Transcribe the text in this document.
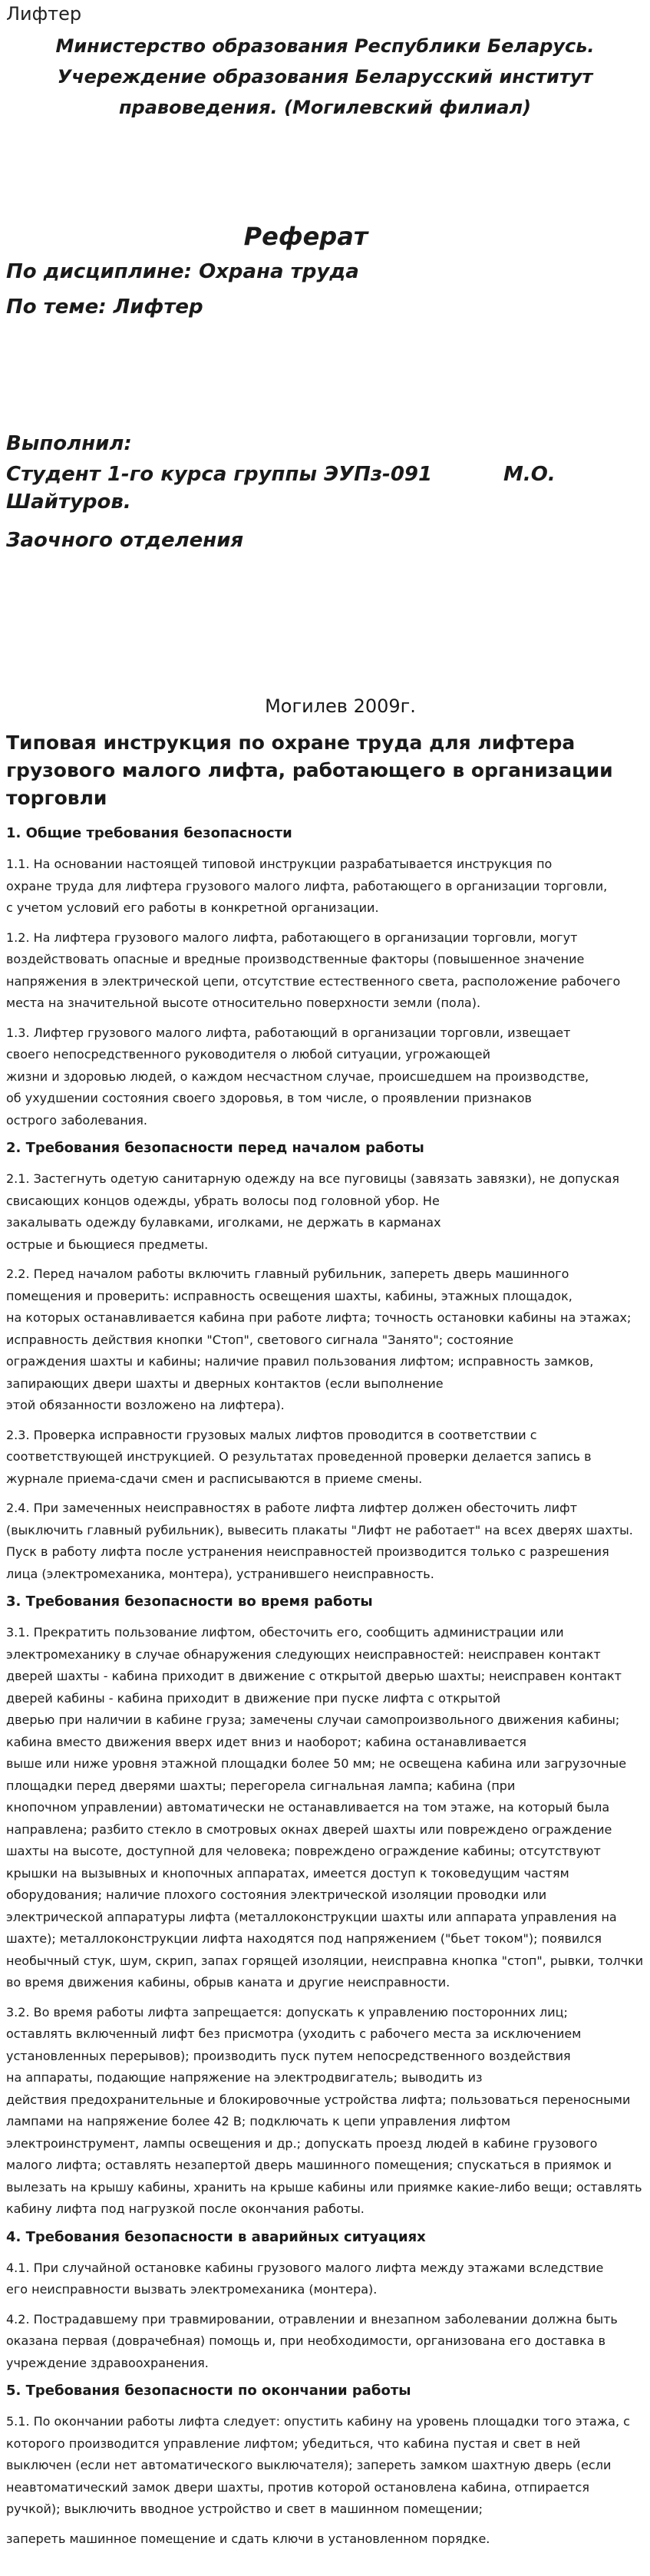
Лифтер
Министерство образования Республики Беларусь.
Учереждение образования Беларусский институт
правоведения. (Могилевский филиал)
Реферат
По дисциплине: Охрана труда
По теме: Лифтер
Выполнил:
Студент 1-го курса группы ЭУПз-091	М.О.
Шайтуров.
Заочного отделения
Могилев 2009г.
Типовая инструкция по охране труда для лифтера грузового малого лифта, работающего в организации торговли
1. Общие требования безопасности

1.1. На основании настоящей типовой инструкции разрабатывается инструкция по
охране труда для лифтера грузового малого лифта, работающего в организации торговли,
с учетом условий его работы в конкретной организации.

1.2. На лифтера грузового малого лифта, работающего в организации торговли, могут
воздействовать опасные и вредные производственные факторы (повышенное значение
напряжения в электрической цепи, отсутствие естественного света, расположение рабочего
места на значительной высоте относительно поверхности земли (пола).

1.3. Лифтер грузового малого лифта, работающий в организации торговли, извещает
своего непосредственного руководителя о любой ситуации, угрожающей
жизни и здоровью людей, о каждом несчастном случае, происшедшем на производстве,
об ухудшении состояния своего здоровья, в том числе, о проявлении признаков
острого заболевания.

2. Требования безопасности перед началом работы

2.1. Застегнуть одетую санитарную одежду на все пуговицы (завязать завязки), не допуская
свисающих концов одежды, убрать волосы под головной убор. Не
закалывать одежду булавками, иголками, не держать в карманах
острые и бьющиеся предметы.

2.2. Перед началом работы включить главный рубильник, запереть дверь машинного
помещения и проверить: исправность освещения шахты, кабины, этажных площадок,
на которых останавливается кабина при работе лифта; точность остановки кабины на этажах;
исправность действия кнопки "Стоп", светового сигнала "Занято"; состояние
ограждения шахты и кабины; наличие правил пользования лифтом; исправность замков,
запирающих двери шахты и дверных контактов (если выполнение
этой обязанности возложено на лифтера).

2.3. Проверка исправности грузовых малых лифтов проводится в соответствии с
соответствующей инструкцией. О результатах проведенной проверки делается запись в
журнале приема-сдачи смен и расписываются в приеме смены.

2.4. При замеченных неисправностях в работе лифта лифтер должен обесточить лифт
(выключить главный рубильник), вывесить плакаты "Лифт не работает" на всех дверях шахты.
Пуск в работу лифта после устранения неисправностей производится только с разрешения
лица (электромеханика, монтера), устранившего неисправность.

3. Требования безопасности во время работы

3.1. Прекратить пользование лифтом, обесточить его, сообщить администрации или
электромеханику в случае обнаружения следующих неисправностей: неисправен контакт
дверей шахты - кабина приходит в движение с открытой дверью шахты; неисправен контакт
дверей кабины - кабина приходит в движение при пуске лифта с открытой
дверью при наличии в кабине груза; замечены случаи самопроизвольного движения кабины;
кабина вместо движения вверх идет вниз и наоборот; кабина останавливается
выше или ниже уровня этажной площадки более 50 мм; не освещена кабина или загрузочные
площадки перед дверями шахты; перегорела сигнальная лампа; кабина (при
кнопочном управлении) автоматически не останавливается на том этаже, на который была
направлена; разбито стекло в смотровых окнах дверей шахты или повреждено ограждение
шахты на высоте, доступной для человека; повреждено ограждение кабины; отсутствуют
крышки на вызывных и кнопочных аппаратах, имеется доступ к токоведущим частям
оборудования; наличие плохого состояния электрической изоляции проводки или
электрической аппаратуры лифта (металлоконструкции шахты или аппарата управления на
шахте); металлоконструкции лифта находятся под напряжением ("бьет током"); появился
необычный стук, шум, скрип, запах горящей изоляции, неисправна кнопка "стоп", рывки, толчки
во время движения кабины, обрыв каната и другие неисправности.

3.2. Во время работы лифта запрещается: допускать к управлению посторонних лиц;
оставлять включенный лифт без присмотра (уходить с рабочего места за исключением
установленных перерывов); производить пуск путем непосредственного воздействия
на аппараты, подающие напряжение на электродвигатель; выводить из
действия предохранительные и блокировочные устройства лифта; пользоваться переносными
лампами на напряжение более 42 В; подключать к цепи управления лифтом
электроинструмент, лампы освещения и др.; допускать проезд людей в кабине грузового
малого лифта; оставлять незапертой дверь машинного помещения; спускаться в приямок и
вылезать на крышу кабины, хранить на крыше кабины или приямке какие-либо вещи; оставлять
кабину лифта под нагрузкой после окончания работы.

4. Требования безопасности в аварийных ситуациях

4.1. При случайной остановке кабины грузового малого лифта между этажами вследствие
его неисправности вызвать электромеханика (монтера).

4.2. Пострадавшему при травмировании, отравлении и внезапном заболевании должна быть
оказана первая (доврачебная) помощь и, при необходимости, организована его доставка в
учреждение здравоохранения.

5. Требования безопасности по окончании работы

5.1. По окончании работы лифта следует: опустить кабину на уровень площадки того этажа, с
которого производится управление лифтом; убедиться, что кабина пустая и свет в ней
выключен (если нет автоматического выключателя); запереть замком шахтную дверь (если
неавтоматический замок двери шахты, против которой остановлена кабина, отпирается
ручкой); выключить вводное устройство и свет в машинном помещении;

запереть машинное помещение и сдать ключи в установленном порядке.
